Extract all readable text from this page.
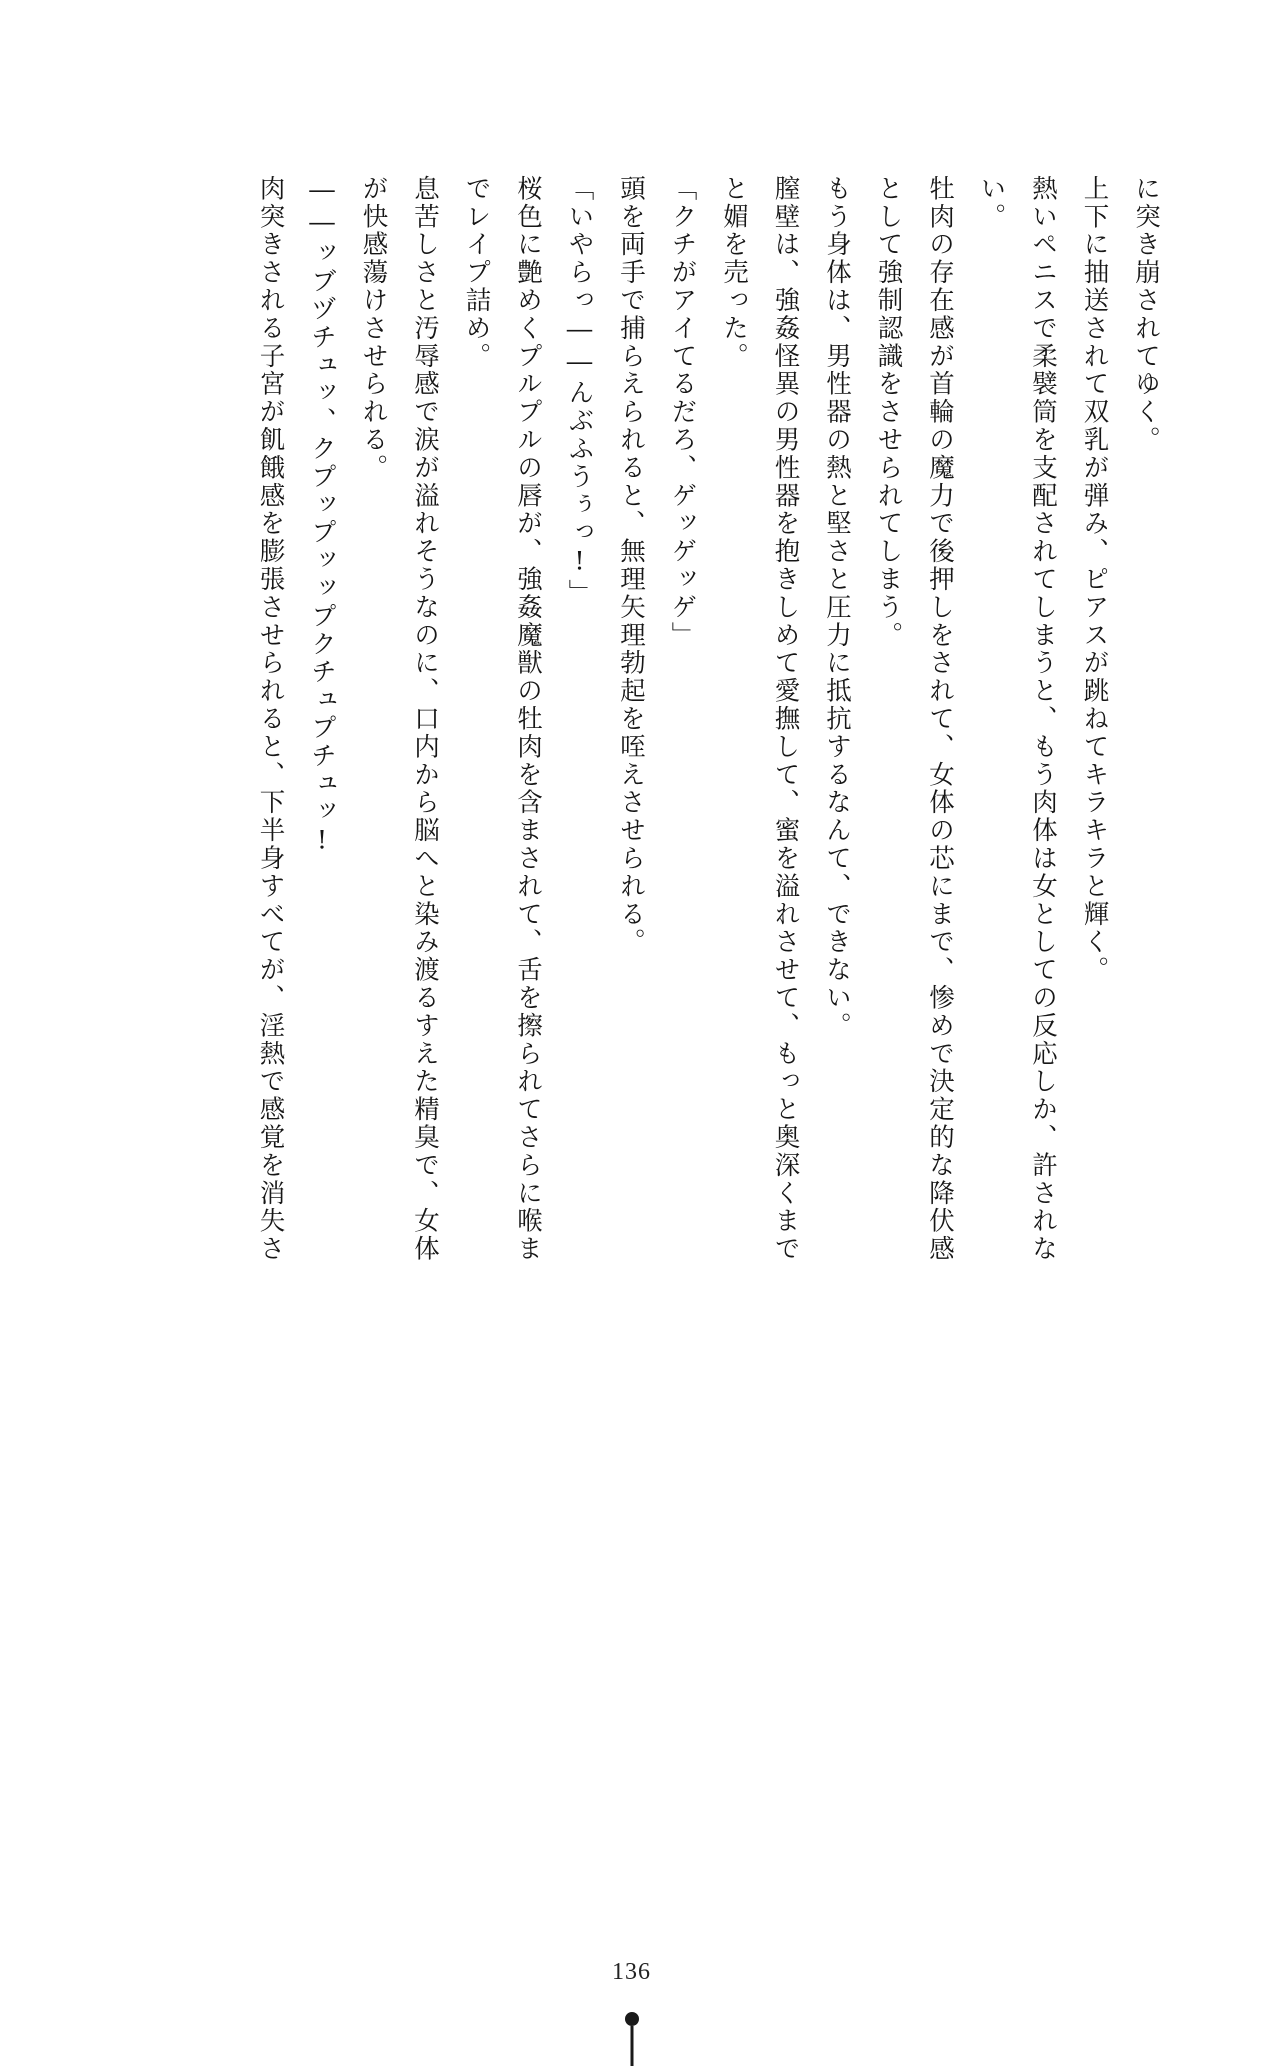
に突き崩されてゆく。

上下に抽送されて双乳が弾み、ピアスが跳ねてキラキラと輝く。

熱いペニスで柔襞筒を支配されてしまうと、もう肉体は女としての反応しか、許されない。

牡肉の存在感が首輪の魔力で後押しをされて、女体の芯にまで、惨めで決定的な降伏感として強制認識をさせられてしまう。

もう身体は、男性器の熱と堅さと圧力に抵抗するなんて、できない。

膣壁は、強姦怪異の男性器を抱きしめて愛撫して、蜜を溢れさせて、もっと奥深くまでと媚を売った。

「クチがアイてるだろ、ゲッゲッゲ」

頭を両手で捕らえられると、無理矢理勃起を咥えさせられる。

「いやらっ――んぶふうぅっ!」

桜色に艶めくプルプルの唇が、強姦魔獣の牡肉を含まされて、舌を擦られてさらに喉までレイプ詰め。

息苦しさと汚辱感で涙が溢れそうなのに、口内から脳へと染み渡るすえた精臭で、女体が快感蕩けさせられる。

――ッブヅチュッ、クプップッップクチュプチュッ!

肉突きされる子宮が飢餓感を膨張させられると、下半身すべてが、淫熱で感覚を消失さ

136
